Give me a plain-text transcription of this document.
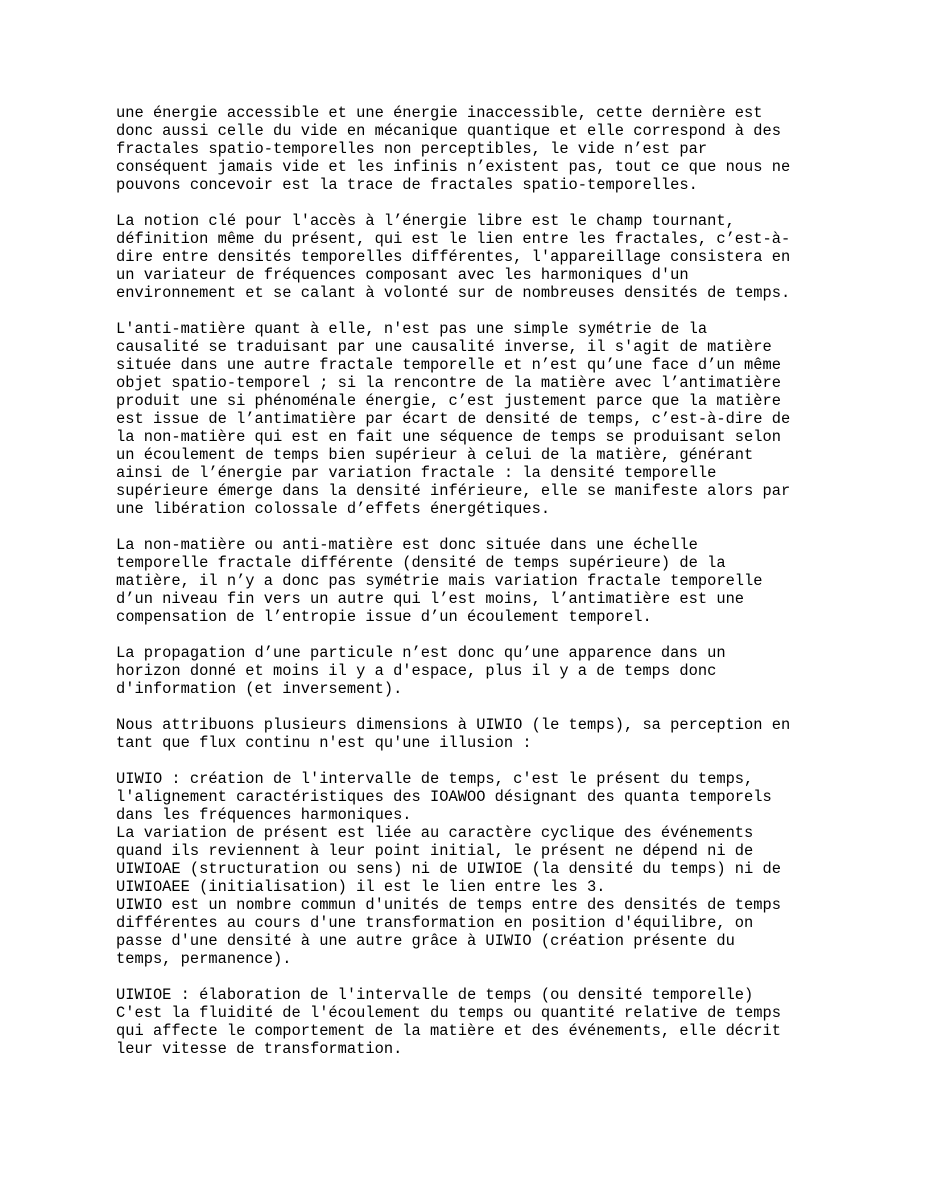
une énergie accessible et une énergie inaccessible, cette dernière est
donc aussi celle du vide en mécanique quantique et elle correspond à des
fractales spatio-temporelles non perceptibles, le vide n’est par
conséquent jamais vide et les infinis n’existent pas, tout ce que nous ne
pouvons concevoir est la trace de fractales spatio-temporelles.
La notion clé pour l'accès à l’énergie libre est le champ tournant,
définition même du présent, qui est le lien entre les fractales, c’est-à-
dire entre densités temporelles différentes, l'appareillage consistera en
un variateur de fréquences composant avec les harmoniques d'un
environnement et se calant à volonté sur de nombreuses densités de temps.
L'anti-matière quant à elle, n'est pas une simple symétrie de la
causalité se traduisant par une causalité inverse, il s'agit de matière
située dans une autre fractale temporelle et n’est qu’une face d’un même
objet spatio-temporel ; si la rencontre de la matière avec l’antimatière
produit une si phénoménale énergie, c’est justement parce que la matière
est issue de l’antimatière par écart de densité de temps, c’est-à-dire de
la non-matière qui est en fait une séquence de temps se produisant selon
un écoulement de temps bien supérieur à celui de la matière, générant
ainsi de l’énergie par variation fractale : la densité temporelle
supérieure émerge dans la densité inférieure, elle se manifeste alors par
une libération colossale d’effets énergétiques.
La non-matière ou anti-matière est donc située dans une échelle
temporelle fractale différente (densité de temps supérieure) de la
matière, il n’y a donc pas symétrie mais variation fractale temporelle
d’un niveau fin vers un autre qui l’est moins, l’antimatière est une
compensation de l’entropie issue d’un écoulement temporel.
La propagation d’une particule n’est donc qu’une apparence dans un
horizon donné et moins il y a d'espace, plus il y a de temps donc
d'information (et inversement).
Nous attribuons plusieurs dimensions à UIWIO (le temps), sa perception en
tant que flux continu n'est qu'une illusion :
UIWIO : création de l'intervalle de temps, c'est le présent du temps,
l'alignement caractéristiques des IOAWOO désignant des quanta temporels
dans les fréquences harmoniques.
La variation de présent est liée au caractère cyclique des événements
quand ils reviennent à leur point initial, le présent ne dépend ni de
UIWIOAE (structuration ou sens) ni de UIWIOE (la densité du temps) ni de
UIWIOAEE (initialisation) il est le lien entre les 3.
UIWIO est un nombre commun d'unités de temps entre des densités de temps
différentes au cours d'une transformation en position d'équilibre, on
passe d'une densité à une autre grâce à UIWIO (création présente du
temps, permanence).
UIWIOE : élaboration de l'intervalle de temps (ou densité temporelle)
C'est la fluidité de l'écoulement du temps ou quantité relative de temps
qui affecte le comportement de la matière et des événements, elle décrit
leur vitesse de transformation.
